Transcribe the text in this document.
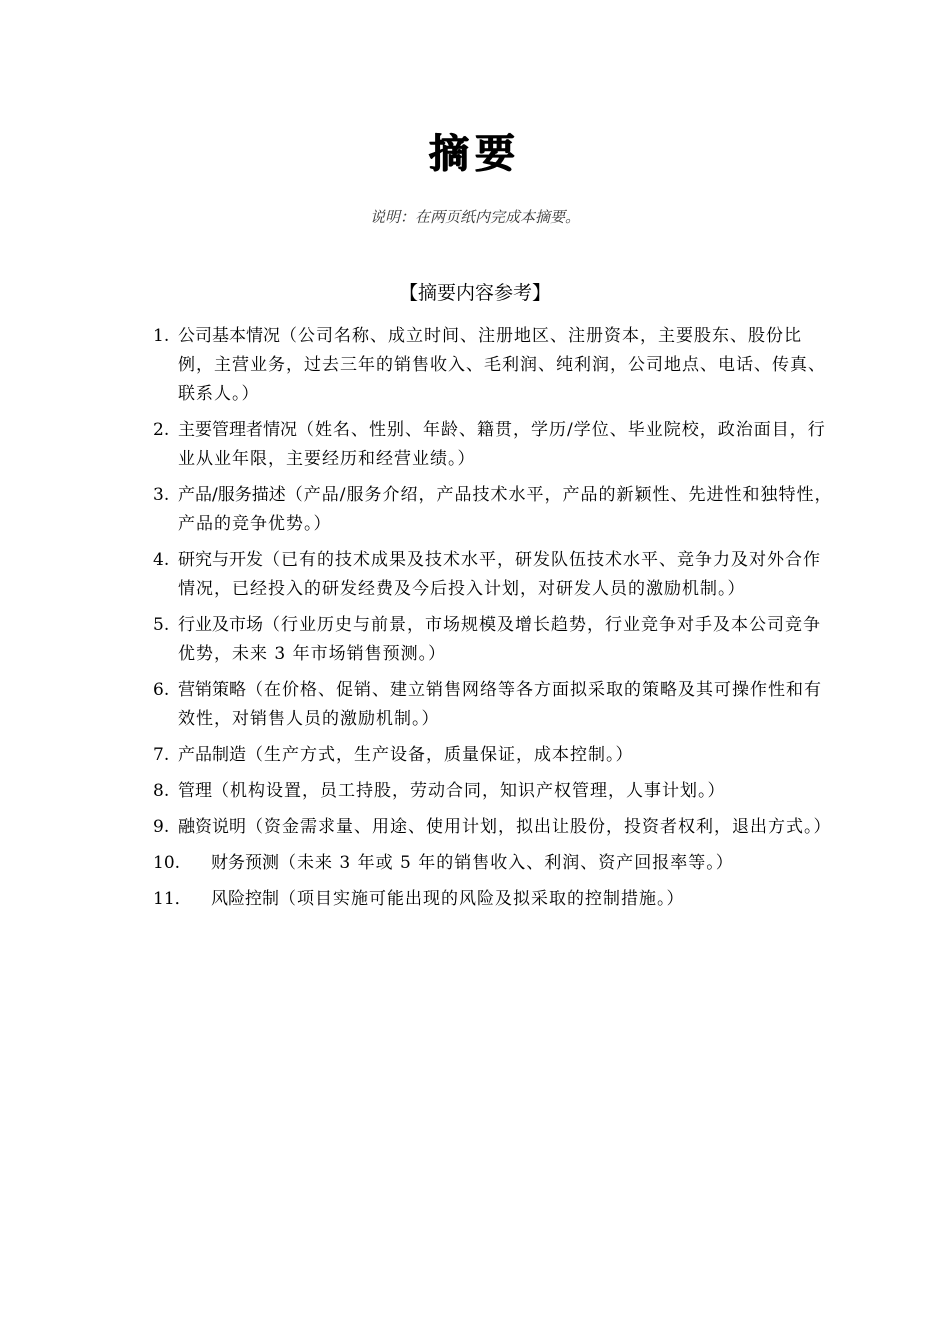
摘要
说明：在两页纸内完成本摘要。
【摘要内容参考】
1. 公司基本情况（公司名称、成立时间、注册地区、注册资本，主要股东、股份比例，主营业务，过去三年的销售收入、毛利润、纯利润，公司地点、电话、传真、联系人。）
2. 主要管理者情况（姓名、性别、年龄、籍贯，学历/学位、毕业院校，政治面目，行业从业年限，主要经历和经营业绩。）
3. 产品/服务描述（产品/服务介绍，产品技术水平，产品的新颖性、先进性和独特性，产品的竞争优势。）
4. 研究与开发（已有的技术成果及技术水平，研发队伍技术水平、竞争力及对外合作情况，已经投入的研发经费及今后投入计划，对研发人员的激励机制。）
5. 行业及市场（行业历史与前景，市场规模及增长趋势，行业竞争对手及本公司竞争优势，未来 3 年市场销售预测。）
6. 营销策略（在价格、促销、建立销售网络等各方面拟采取的策略及其可操作性和有效性，对销售人员的激励机制。）
7. 产品制造（生产方式，生产设备，质量保证，成本控制。）
8. 管理（机构设置，员工持股，劳动合同，知识产权管理，人事计划。）
9. 融资说明（资金需求量、用途、使用计划，拟出让股份，投资者权利，退出方式。）
10. 财务预测（未来 3 年或 5 年的销售收入、利润、资产回报率等。）
11． 风险控制（项目实施可能出现的风险及拟采取的控制措施。）
